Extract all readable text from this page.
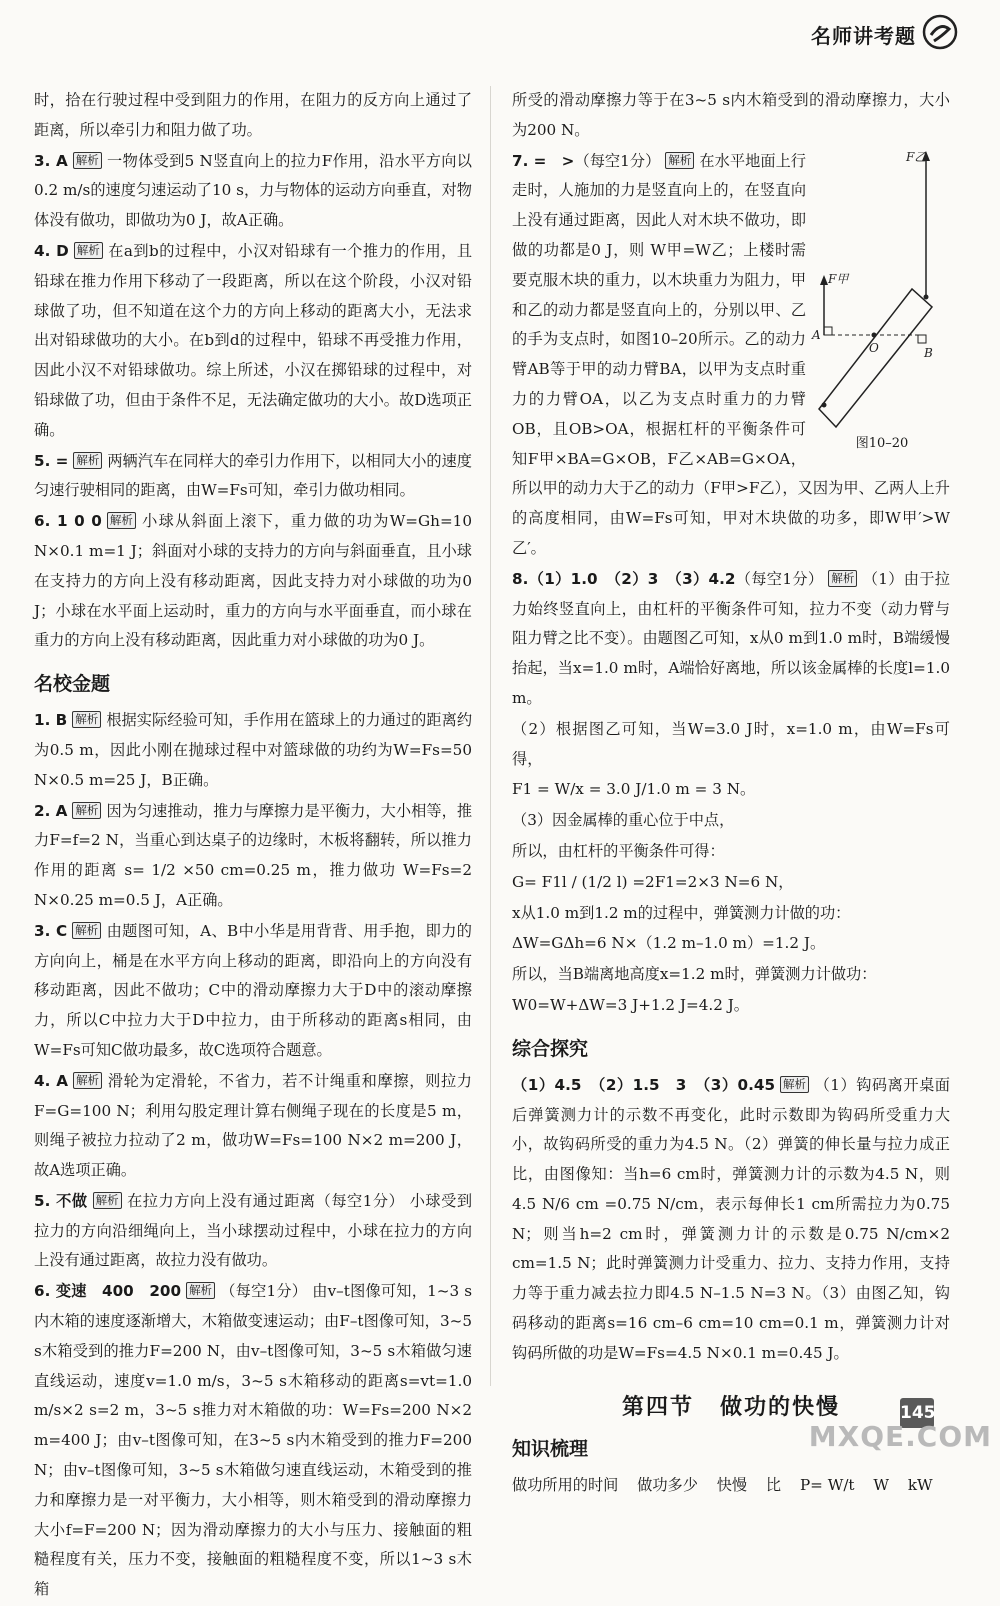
名师讲考题

时，拾在行驶过程中受到阻力的作用，在阻力的反方向上通过了距离，所以牵引力和阻力做了功。

3. A 解析 一物体受到5 N竖直向上的拉力F作用，沿水平方向以0.2 m/s的速度匀速运动了10 s，力与物体的运动方向垂直，对物体没有做功，即做功为0 J，故A正确。

4. D 解析 在a到b的过程中，小汉对铅球有一个推力的作用，且铅球在推力作用下移动了一段距离，所以在这个阶段，小汉对铅球做了功，但不知道在这个力的方向上移动的距离大小，无法求出对铅球做功的大小。在b到d的过程中，铅球不再受推力作用，因此小汉不对铅球做功。综上所述，小汉在掷铅球的过程中，对铅球做了功，但由于条件不足，无法确定做功的大小。故D选项正确。

5. = 解析 两辆汽车在同样大的牵引力作用下，以相同大小的速度匀速行驶相同的距离，由W=Fs可知，牵引力做功相同。

6. 1 0 0 解析 小球从斜面上滚下，重力做的功为W=Gh=10 N×0.1 m=1 J；斜面对小球的支持力的方向与斜面垂直，且小球在支持力的方向上没有移动距离，因此支持力对小球做的功为0 J；小球在水平面上运动时，重力的方向与水平面垂直，而小球在重力的方向上没有移动距离，因此重力对小球做的功为0 J。

名校金题

1. B 解析 根据实际经验可知，手作用在篮球上的力通过的距离约为0.5 m，因此小刚在抛球过程中对篮球做的功约为W=Fs=50 N×0.5 m=25 J，B正确。

2. A 解析 因为匀速推动，推力与摩擦力是平衡力，大小相等，推力F=f=2 N，当重心到达桌子的边缘时，木板将翻转，所以推力作用的距离 s= 1/2 ×50 cm=0.25 m，推力做功 W=Fs=2 N×0.25 m=0.5 J，A正确。

3. C 解析 由题图可知，A、B中小华是用背背、用手抱，即力的方向向上，桶是在水平方向上移动的距离，即沿向上的方向没有移动距离，因此不做功；C中的滑动摩擦力大于D中的滚动摩擦力，所以C中拉力大于D中拉力，由于所移动的距离s相同，由W=Fs可知C做功最多，故C选项符合题意。

4. A 解析 滑轮为定滑轮，不省力，若不计绳重和摩擦，则拉力F=G=100 N；利用勾股定理计算右侧绳子现在的长度是5 m，则绳子被拉力拉动了2 m，做功W=Fs=100 N×2 m=200 J，故A选项正确。

5. 不做 解析 在拉力方向上没有通过距离（每空1分） 小球受到拉力的方向沿细绳向上，当小球摆动过程中，小球在拉力的方向上没有通过距离，故拉力没有做功。

6. 变速　400　200 解析 （每空1分） 由v–t图像可知，1~3 s内木箱的速度逐渐增大，木箱做变速运动；由F–t图像可知，3~5 s木箱受到的推力F=200 N，由v–t图像可知，3~5 s木箱做匀速直线运动，速度v=1.0 m/s，3~5 s木箱移动的距离s=vt=1.0 m/s×2 s=2 m，3~5 s推力对木箱做的功：W=Fs=200 N×2 m=400 J；由v–t图像可知，在3~5 s内木箱受到的推力F=200 N；由v–t图像可知，3~5 s木箱做匀速直线运动，木箱受到的推力和摩擦力是一对平衡力，大小相等，则木箱受到的滑动摩擦力大小f=F=200 N；因为滑动摩擦力的大小与压力、接触面的粗糙程度有关，压力不变，接触面的粗糙程度不变，所以1~3 s木箱

所受的滑动摩擦力等于在3~5 s内木箱受到的滑动摩擦力，大小为200 N。

F乙
F甲
O
A
B
图10–20

7. =　>（每空1分） 解析 在水平地面上行走时，人施加的力是竖直向上的，在竖直向上没有通过距离，因此人对木块不做功，即做的功都是0 J，则 W甲=W乙；上楼时需要克服木块的重力，以木块重力为阻力，甲和乙的动力都是竖直向上的，分别以甲、乙的手为支点时，如图10–20所示。乙的动力臂AB等于甲的动力臂BA，以甲为支点时重力的力臂OA，以乙为支点时重力的力臂OB，且OB>OA，根据杠杆的平衡条件可知F甲×BA=G×OB，F乙×AB=G×OA，所以甲的动力大于乙的动力（F甲>F乙），又因为甲、乙两人上升的高度相同，由W=Fs可知，甲对木块做的功多，即W甲′>W乙′。

8.（1）1.0　（2）3　（3）4.2（每空1分） 解析 （1）由于拉力始终竖直向上，由杠杆的平衡条件可知，拉力不变（动力臂与阻力臂之比不变）。由题图乙可知，x从0 m到1.0 m时，B端缓慢抬起，当x=1.0 m时，A端恰好离地，所以该金属棒的长度l=1.0 m。

（2）根据图乙可知，当W=3.0 J时，x=1.0 m，由W=Fs可得，

F1 = W/x = 3.0 J/1.0 m = 3 N。

（3）因金属棒的重心位于中点，

所以，由杠杆的平衡条件可得：

G= F1l / (1/2 l) =2F1=2×3 N=6 N，

x从1.0 m到1.2 m的过程中，弹簧测力计做的功：

ΔW=GΔh=6 N×（1.2 m–1.0 m）=1.2 J。

所以，当B端离地高度x=1.2 m时，弹簧测力计做功：

W0=W+ΔW=3 J+1.2 J=4.2 J。

综合探究

（1）4.5　（2）1.5　3　（3）0.45 解析 （1）钩码离开桌面后弹簧测力计的示数不再变化，此时示数即为钩码所受重力大小，故钩码所受的重力为4.5 N。（2）弹簧的伸长量与拉力成正比，由图像知：当h=6 cm时，弹簧测力计的示数为4.5 N，则 4.5 N/6 cm =0.75 N/cm，表示每伸长1 cm所需拉力为0.75 N；则当h=2 cm时，弹簧测力计的示数是0.75 N/cm×2 cm=1.5 N；此时弹簧测力计受重力、拉力、支持力作用，支持力等于重力减去拉力即4.5 N–1.5 N=3 N。（3）由图乙知，钩码移动的距离s=16 cm–6 cm=10 cm=0.1 m，弹簧测力计对钩码所做的功是W=Fs=4.5 N×0.1 m=0.45 J。

第四节 做功的快慢
知识梳理

做功所用的时间 做功多少 快慢 比 P= W/t W kW

145
MXQE.COM
